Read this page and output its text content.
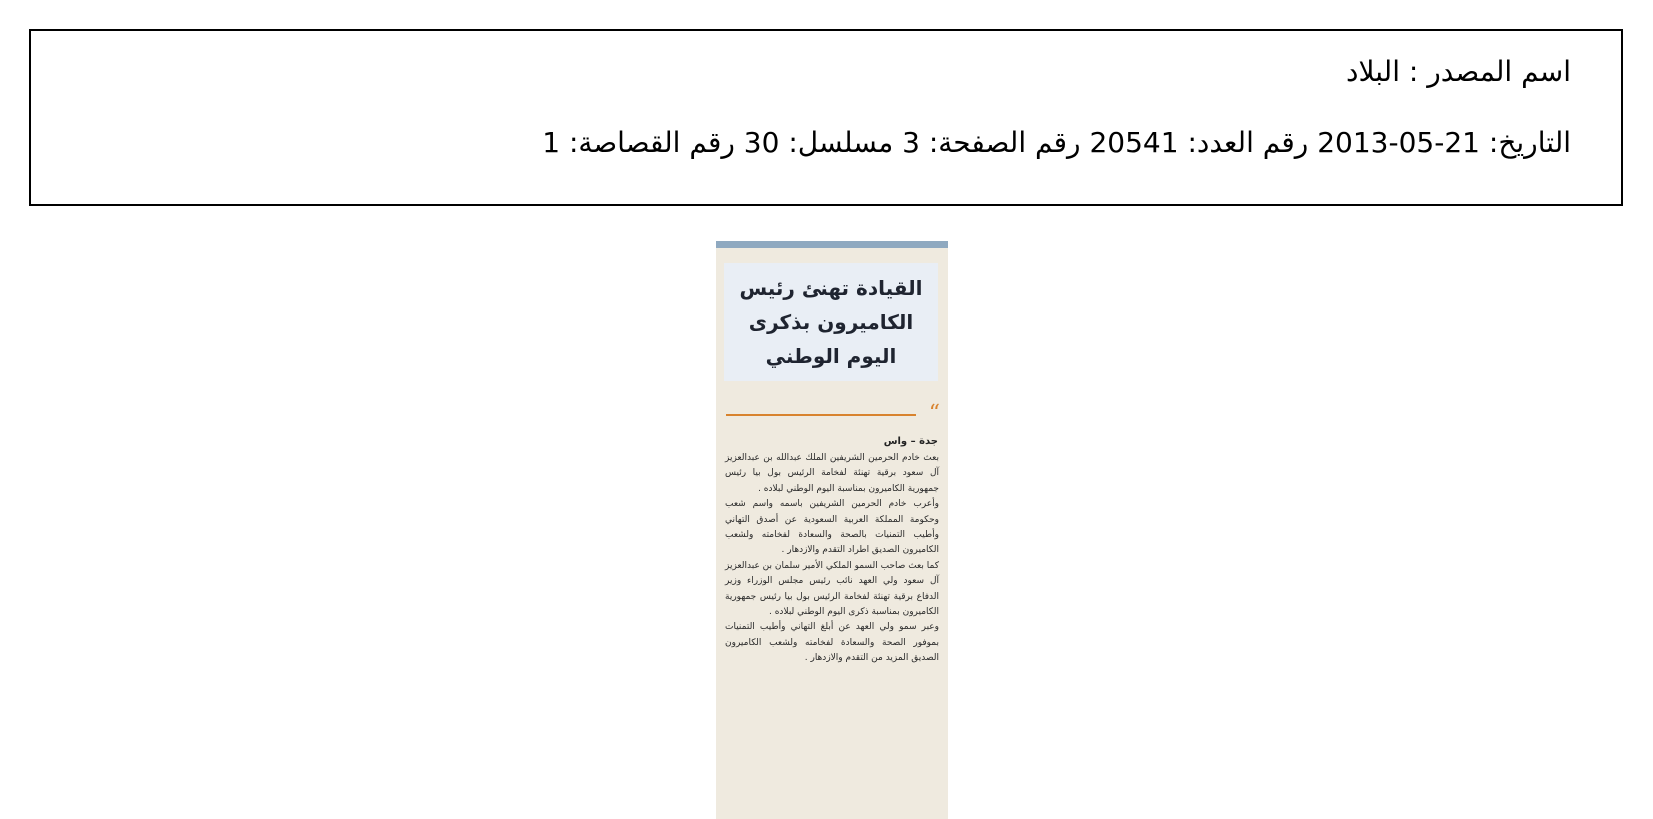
اسم المصدر : البلاد
التاريخ: 21-05-2013 رقم العدد: 20541 رقم الصفحة: 3 مسلسل: 30 رقم القصاصة: 1
القيادة تهنئ رئيس الكاميرون بذكرى اليوم الوطني
“
جدة – واس

بعث خادم الحرمين الشريفين الملك عبدالله بن عبدالعزيز آل سعود برقية تهنئة لفخامة الرئيس بول بيا رئيس جمهورية الكاميرون بمناسبة اليوم الوطني لبلاده .

وأعرب خادم الحرمين الشريفين باسمه واسم شعب وحكومة المملكة العربية السعودية عن أصدق التهاني وأطيب التمنيات بالصحة والسعادة لفخامته ولشعب الكاميرون الصديق اطراد التقدم والازدهار .

كما بعث صاحب السمو الملكي الأمير سلمان بن عبدالعزيز آل سعود ولي العهد نائب رئيس مجلس الوزراء وزير الدفاع برقية تهنئة لفخامة الرئيس بول بيا رئيس جمهورية الكاميرون بمناسبة ذكرى اليوم الوطني لبلاده .

وعبر سمو ولي العهد عن أبلغ التهاني وأطيب التمنيات بموفور الصحة والسعادة لفخامته ولشعب الكاميرون الصديق المزيد من التقدم والازدهار .
